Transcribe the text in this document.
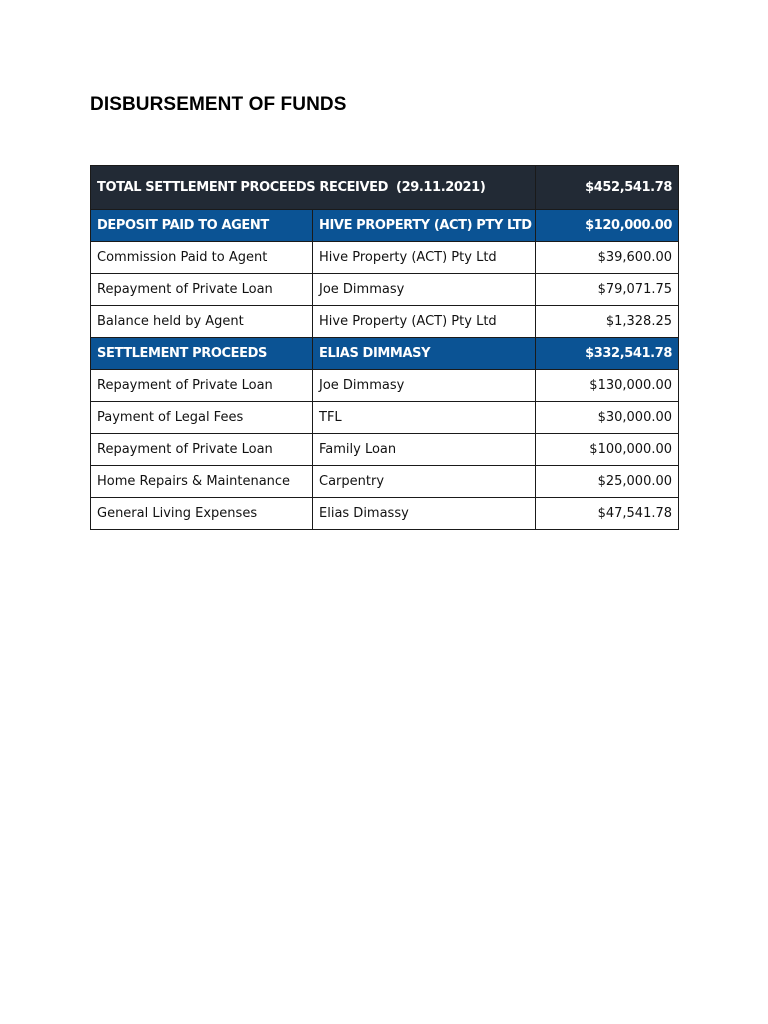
DISBURSEMENT OF FUNDS
TOTAL SETTLEMENT PROCEEDS RECEIVED (29.11.2021)		$452,541.78
DEPOSIT PAID TO AGENT	HIVE PROPERTY (ACT) PTY LTD	$120,000.00
Commission Paid to Agent	Hive Property (ACT) Pty Ltd	$39,600.00
Repayment of Private Loan	Joe Dimmasy	$79,071.75
Balance held by Agent	Hive Property (ACT) Pty Ltd	$1,328.25
SETTLEMENT PROCEEDS	ELIAS DIMMASY	$332,541.78
Repayment of Private Loan	Joe Dimmasy	$130,000.00
Payment of Legal Fees	TFL	$30,000.00
Repayment of Private Loan	Family Loan	$100,000.00
Home Repairs & Maintenance	Carpentry	$25,000.00
General Living Expenses	Elias Dimassy	$47,541.78
